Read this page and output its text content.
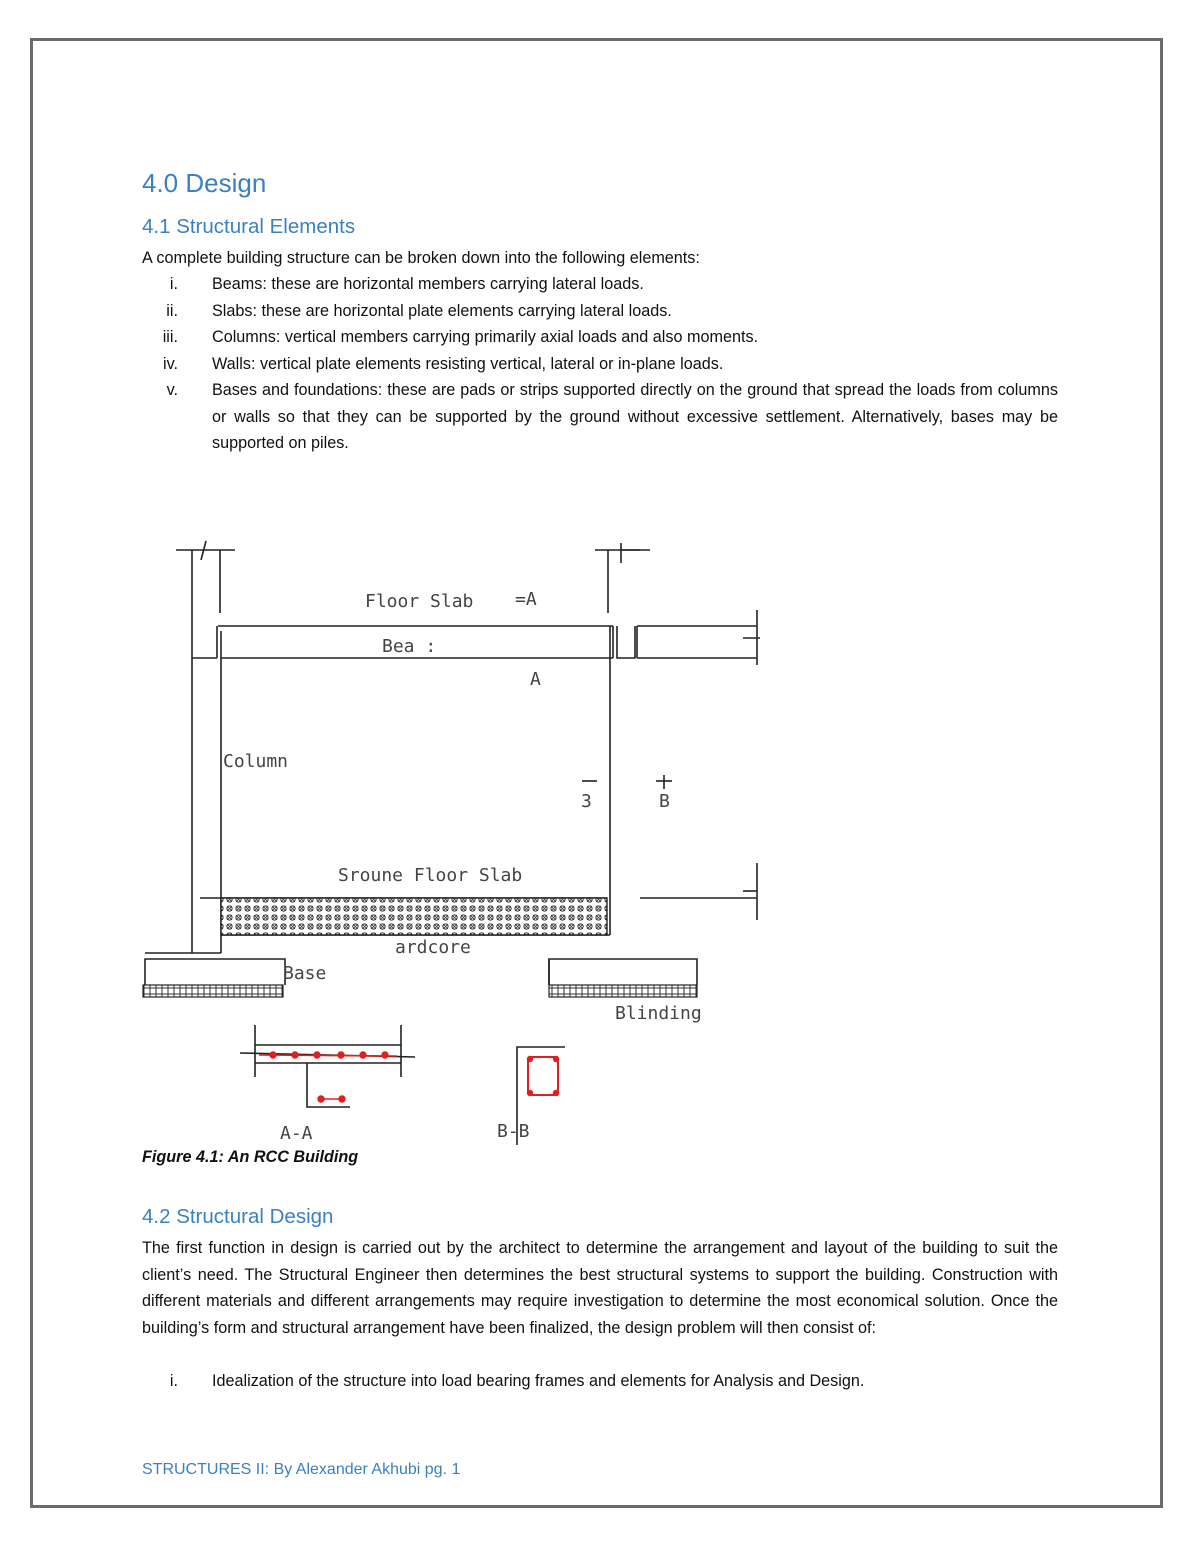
4.0 Design
4.1 Structural Elements

A complete building structure can be broken down into the following elements:

i. Beams: these are horizontal members carrying lateral loads.
ii. Slabs: these are horizontal plate elements carrying lateral loads.
iii. Columns: vertical members carrying primarily axial loads and also moments.
iv. Walls: vertical plate elements resisting vertical, lateral or in-plane loads.
v. Bases and foundations: these are pads or strips supported directly on the ground that spread the loads from columns or walls so that they can be supported by the ground without excessive settlement. Alternatively, bases may be supported on piles.
Floor Slab =A
Bea :
A
Column
3	B
Sroune Floor Slab
ardcore
Base
Blinding
A-A	B-B

Figure 4.1: An RCC Building

4.2 Structural Design

The first function in design is carried out by the architect to determine the arrangement and layout of the building to suit the client’s need. The Structural Engineer then determines the best structural systems to support the building. Construction with different materials and different arrangements may require investigation to determine the most economical solution. Once the building’s form and structural arrangement have been finalized, the design problem will then consist of:

i. Idealization of the structure into load bearing frames and elements for Analysis and Design.

STRUCTURES II: By Alexander Akhubi pg. 1
